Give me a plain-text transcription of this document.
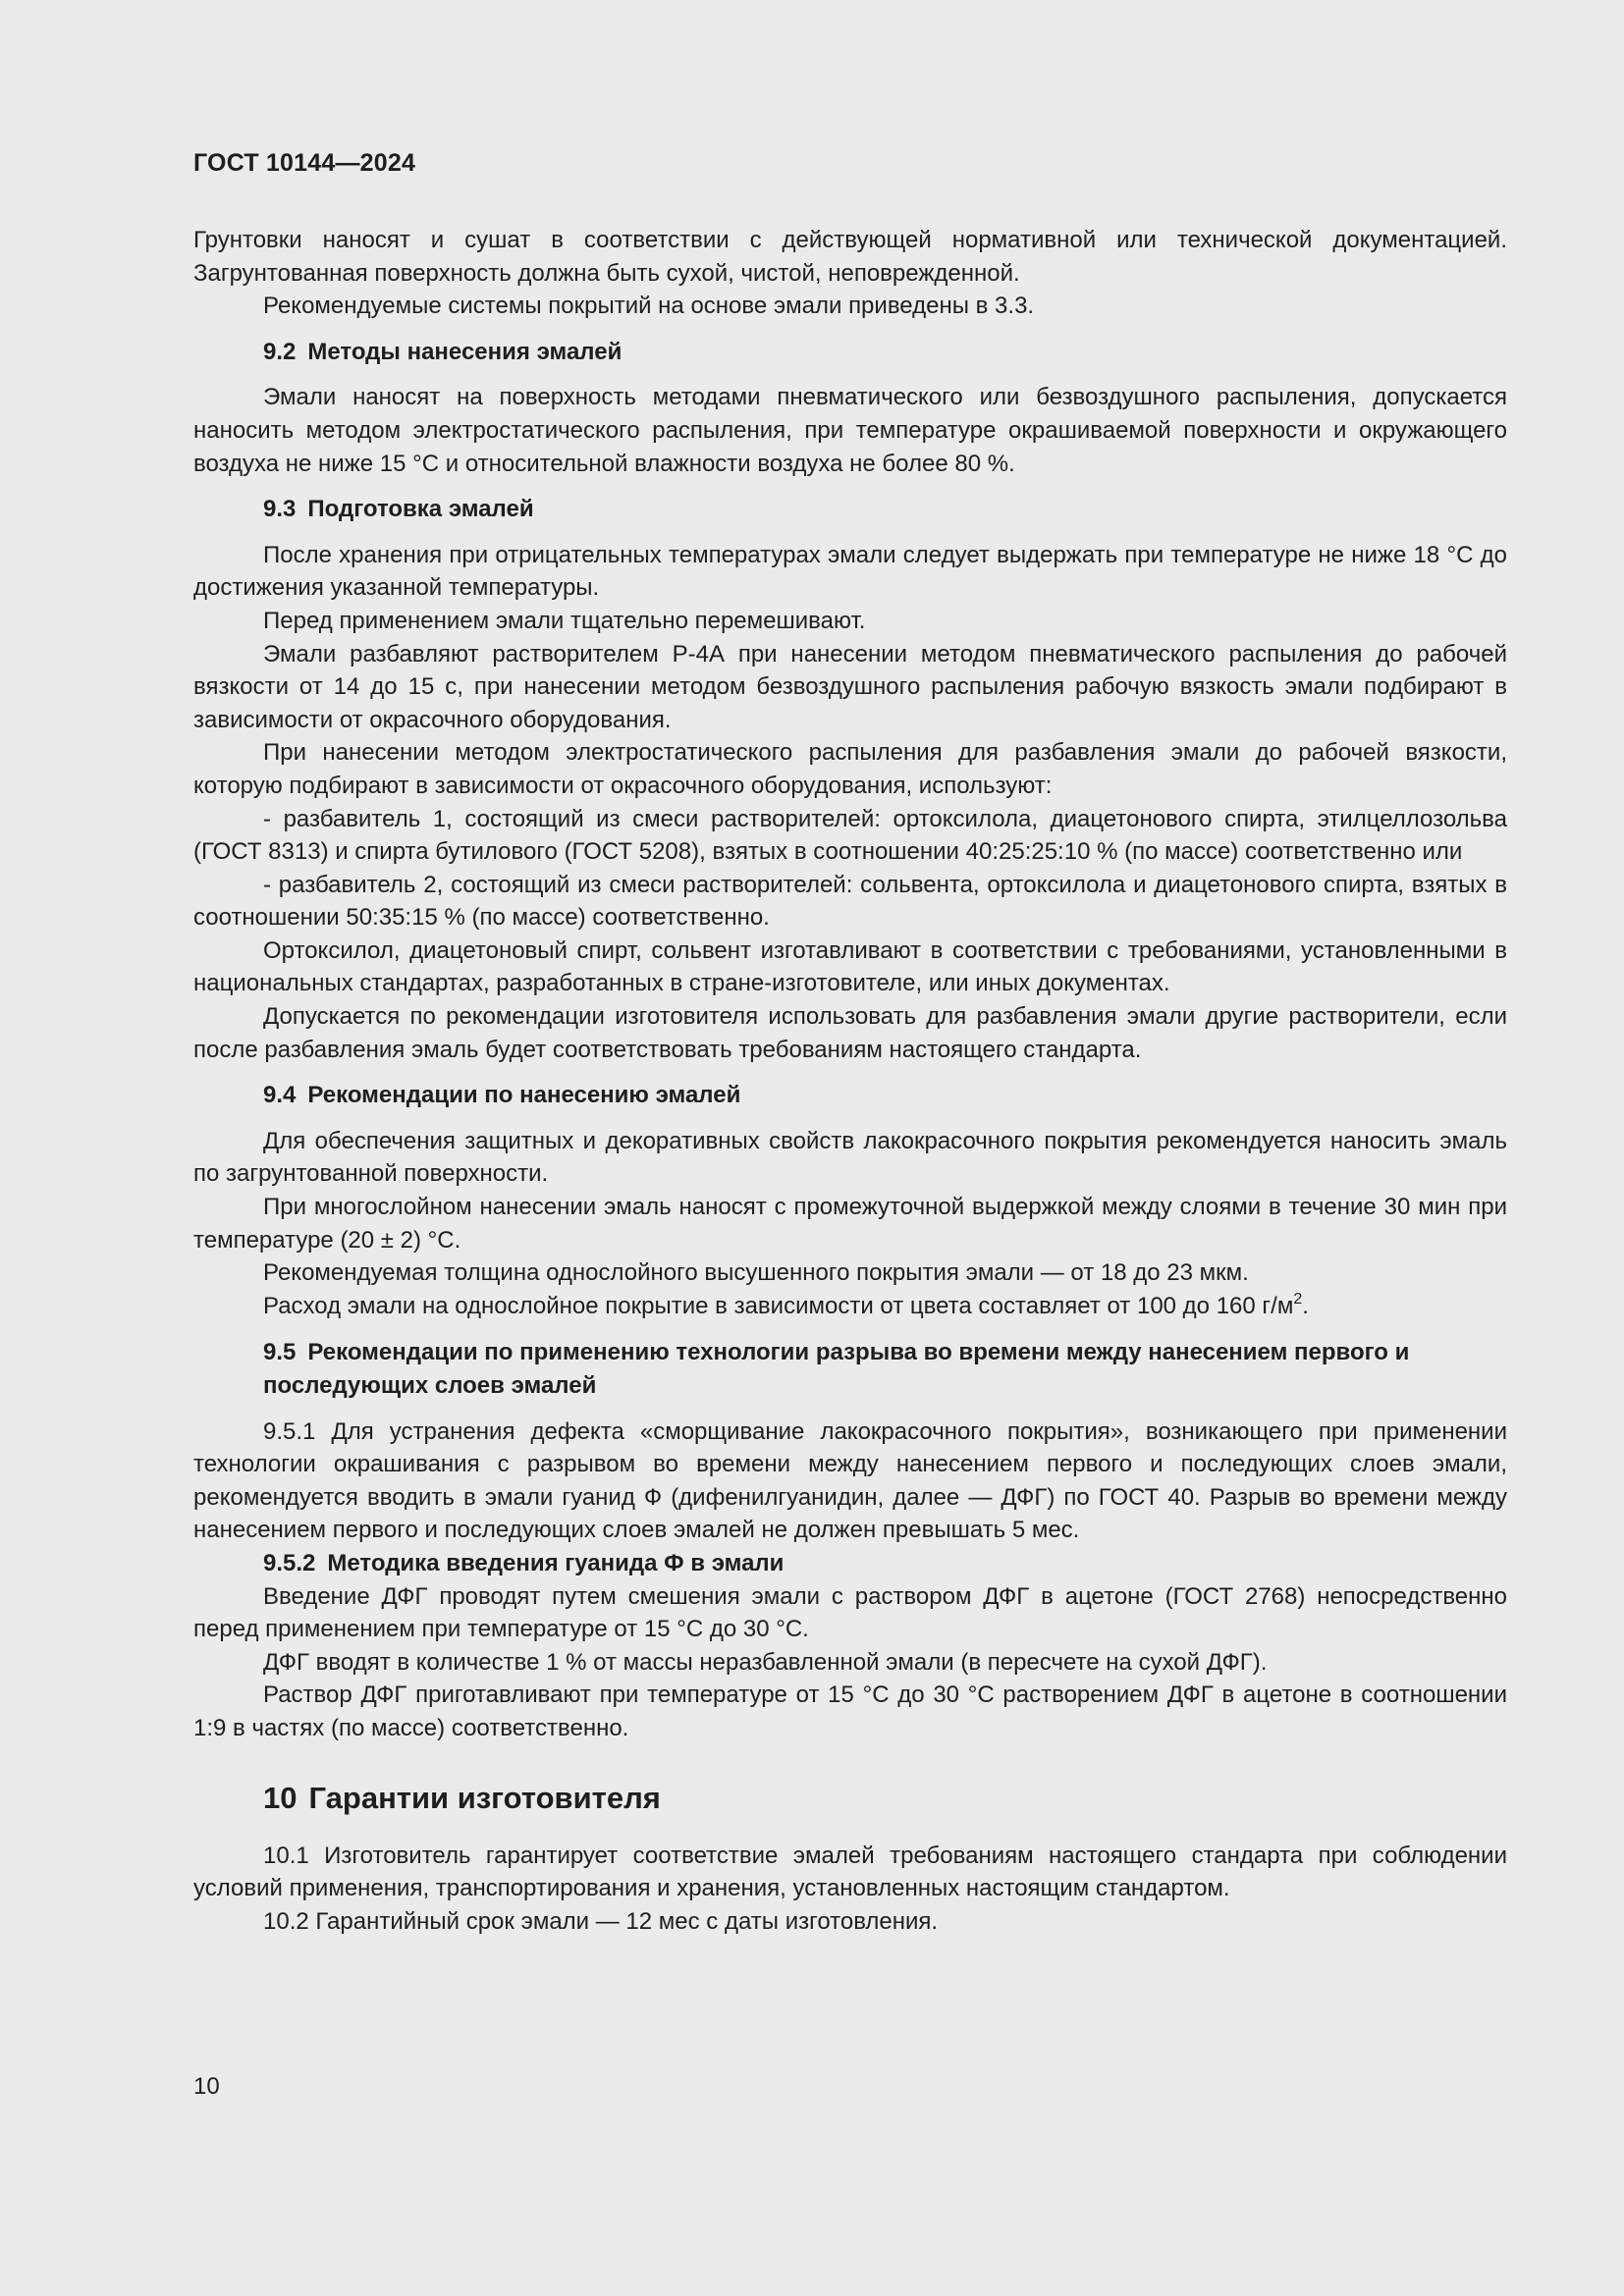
ГОСТ 10144—2024

Грунтовки наносят и сушат в соответствии с действующей нормативной или технической документацией. Загрунтованная поверхность должна быть сухой, чистой, неповрежденной.

Рекомендуемые системы покрытий на основе эмали приведены в 3.3.

9.2 Методы нанесения эмалей

Эмали наносят на поверхность методами пневматического или безвоздушного распыления, допускается наносить методом электростатического распыления, при температуре окрашиваемой поверхности и окружающего воздуха не ниже 15 °С и относительной влажности воздуха не более 80 %.

9.3 Подготовка эмалей

После хранения при отрицательных температурах эмали следует выдержать при температуре не ниже 18 °С до достижения указанной температуры.

Перед применением эмали тщательно перемешивают.

Эмали разбавляют растворителем Р-4А при нанесении методом пневматического распыления до рабочей вязкости от 14 до 15 с, при нанесении методом безвоздушного распыления рабочую вязкость эмали подбирают в зависимости от окрасочного оборудования.

При нанесении методом электростатического распыления для разбавления эмали до рабочей вязкости, которую подбирают в зависимости от окрасочного оборудования, используют:

- разбавитель 1, состоящий из смеси растворителей: ортоксилола, диацетонового спирта, этилцеллозольва (ГОСТ 8313) и спирта бутилового (ГОСТ 5208), взятых в соотношении 40:25:25:10 % (по массе) соответственно или

- разбавитель 2, состоящий из смеси растворителей: сольвента, ортоксилола и диацетонового спирта, взятых в соотношении 50:35:15 % (по массе) соответственно.

Ортоксилол, диацетоновый спирт, сольвент изготавливают в соответствии с требованиями, установленными в национальных стандартах, разработанных в стране-изготовителе, или иных документах.

Допускается по рекомендации изготовителя использовать для разбавления эмали другие растворители, если после разбавления эмаль будет соответствовать требованиям настоящего стандарта.

9.4 Рекомендации по нанесению эмалей

Для обеспечения защитных и декоративных свойств лакокрасочного покрытия рекомендуется наносить эмаль по загрунтованной поверхности.

При многослойном нанесении эмаль наносят с промежуточной выдержкой между слоями в течение 30 мин при температуре (20 ± 2) °С.

Рекомендуемая толщина однослойного высушенного покрытия эмали — от 18 до 23 мкм.

Расход эмали на однослойное покрытие в зависимости от цвета составляет от 100 до 160 $г/м^2$.

9.5 Рекомендации по применению технологии разрыва во времени между нанесением первого и последующих слоев эмалей

9.5.1 Для устранения дефекта «сморщивание лакокрасочного покрытия», возникающего при применении технологии окрашивания с разрывом во времени между нанесением первого и последующих слоев эмали, рекомендуется вводить в эмали гуанид Ф (дифенилгуанидин, далее — ДФГ) по ГОСТ 40. Разрыв во времени между нанесением первого и последующих слоев эмалей не должен превышать 5 мес.

9.5.2 Методика введения гуанида Ф в эмали

Введение ДФГ проводят путем смешения эмали с раствором ДФГ в ацетоне (ГОСТ 2768) непосредственно перед применением при температуре от 15 °С до 30 °С.

ДФГ вводят в количестве 1 % от массы неразбавленной эмали (в пересчете на сухой ДФГ).

Раствор ДФГ приготавливают при температуре от 15 °С до 30 °С растворением ДФГ в ацетоне в соотношении 1:9 в частях (по массе) соответственно.

10 Гарантии изготовителя

10.1 Изготовитель гарантирует соответствие эмалей требованиям настоящего стандарта при соблюдении условий применения, транспортирования и хранения, установленных настоящим стандартом.

10.2 Гарантийный срок эмали — 12 мес с даты изготовления.

10
